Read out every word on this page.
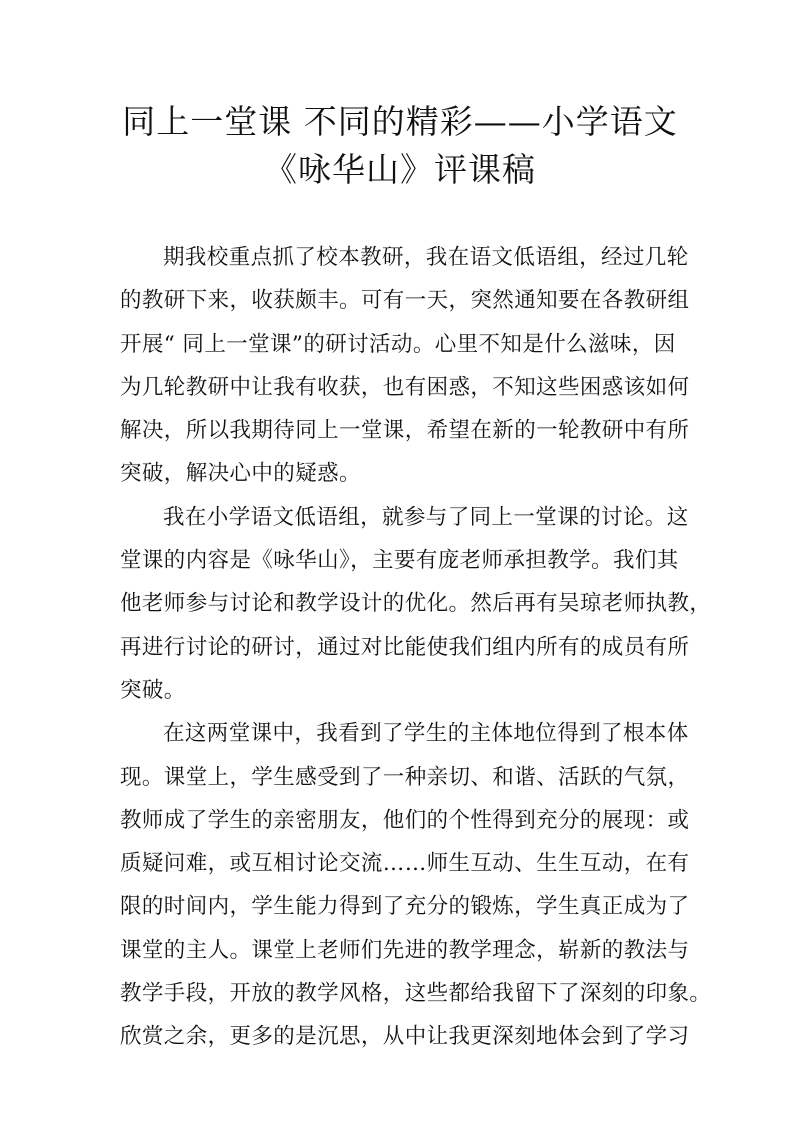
同上一堂课 不同的精彩——小学语文
《咏华山》评课稿
期我校重点抓了校本教研，我在语文低语组，经过几轮
的教研下来，收获颇丰。可有一天，突然通知要在各教研组
开展“ 同上一堂课”的研讨活动。心里不知是什么滋味，因
为几轮教研中让我有收获，也有困惑，不知这些困惑该如何
解决，所以我期待同上一堂课，希望在新的一轮教研中有所
突破，解决心中的疑惑。
我在小学语文低语组，就参与了同上一堂课的讨论。这
堂课的内容是《咏华山》，主要有庞老师承担教学。我们其
他老师参与讨论和教学设计的优化。然后再有吴琼老师执教，
再进行讨论的研讨，通过对比能使我们组内所有的成员有所
突破。
在这两堂课中，我看到了学生的主体地位得到了根本体
现。课堂上，学生感受到了一种亲切、和谐、活跃的气氛，
教师成了学生的亲密朋友，他们的个性得到充分的展现：或
质疑问难，或互相讨论交流……师生互动、生生互动，在有
限的时间内，学生能力得到了充分的锻炼，学生真正成为了
课堂的主人。课堂上老师们先进的教学理念，崭新的教法与
教学手段，开放的教学风格，这些都给我留下了深刻的印象。
欣赏之余，更多的是沉思，从中让我更深刻地体会到了学习
